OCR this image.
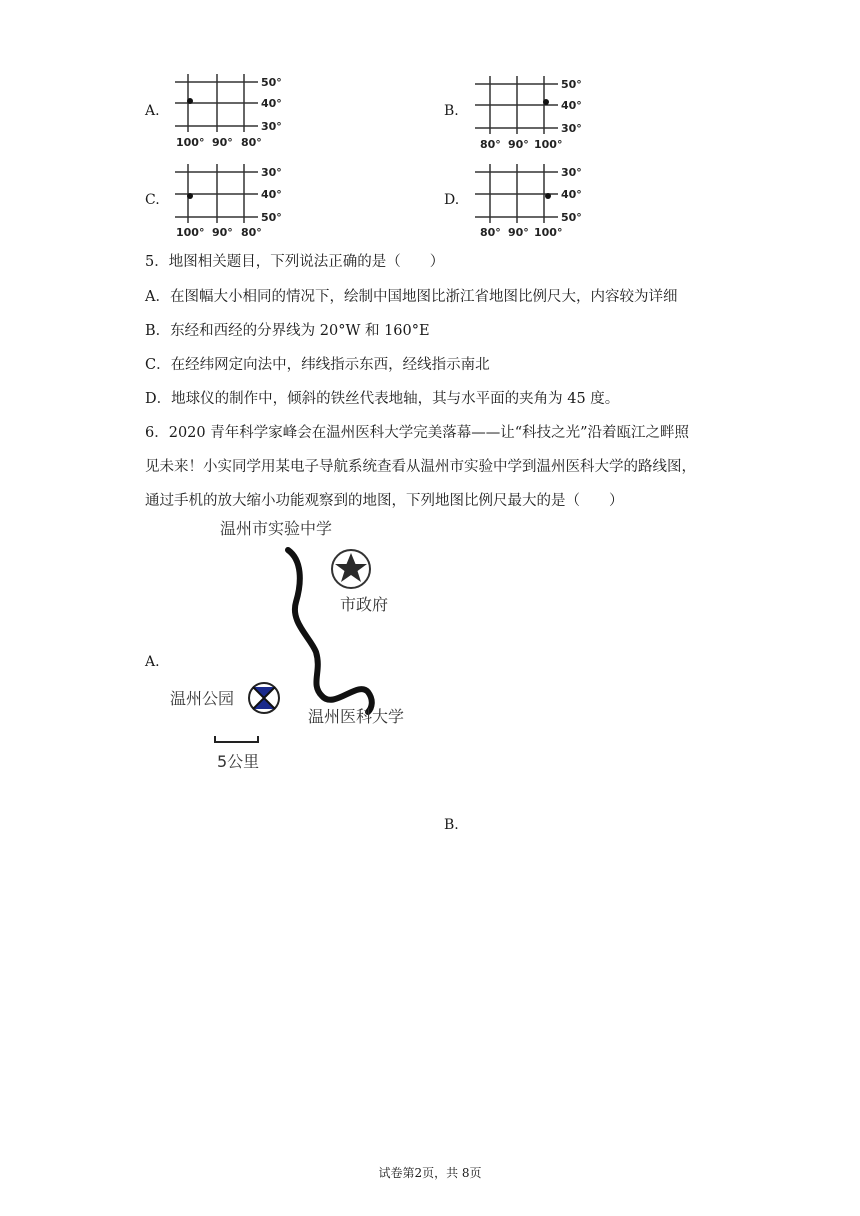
A.
50°
40°
30°
100° 90° 80°
B.
50°
40°
30°
80° 90° 100°
C.
30°
40°
50°
100° 90° 80°
D.
30°
40°
50°
80° 90° 100°
5．地图相关题目，下列说法正确的是（　　）
A．在图幅大小相同的情况下，绘制中国地图比浙江省地图比例尺大，内容较为详细
B．东经和西经的分界线为 20°W 和 160°E
C．在经纬网定向法中，纬线指示东西，经线指示南北
D．地球仪的制作中，倾斜的铁丝代表地轴，其与水平面的夹角为 45 度。
6．2020 青年科学家峰会在温州医科大学完美落幕——让“科技之光”沿着瓯江之畔照
见未来！小实同学用某电子导航系统查看从温州市实验中学到温州医科大学的路线图，
通过手机的放大缩小功能观察到的地图，下列地图比例尺最大的是（　　）
A.
温州市实验中学
市政府
温州公园
温州医科大学
5公里
B.
试卷第2页，共 8页
